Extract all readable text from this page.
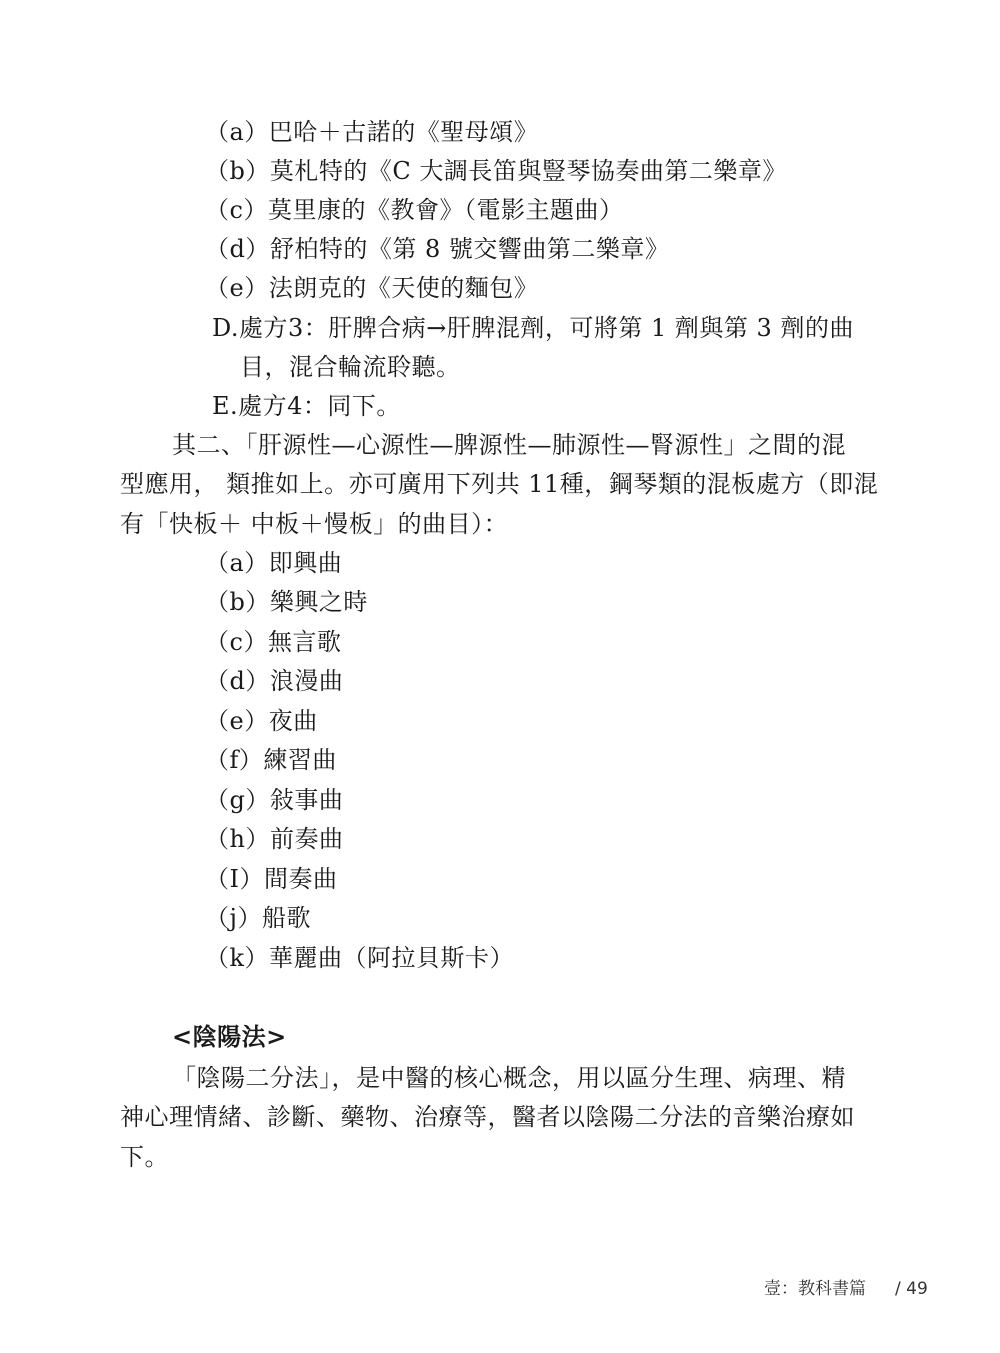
（a）巴哈＋古諾的《聖母頌》
（b）莫札特的《C 大調長笛與豎琴協奏曲第二樂章》
（c）莫里康的《教會》（電影主題曲）
（d）舒柏特的《第 8 號交響曲第二樂章》
（e）法朗克的《天使的麵包》
D.處方3：肝脾合病→肝脾混劑，可將第 1 劑與第 3 劑的曲
目，混合輪流聆聽。
E.處方4：同下。
其二、「肝源性—心源性—脾源性—肺源性—腎源性」之間的混
型應用， 類推如上。亦可廣用下列共 11種，鋼琴類的混板處方（即混
有「快板＋ 中板＋慢板」的曲目）：
（a）即興曲
（b）樂興之時
（c）無言歌
（d）浪漫曲
（e）夜曲
（f）練習曲
（g）敍事曲
（h）前奏曲
（I）間奏曲
（j）船歌
（k）華麗曲（阿拉貝斯卡）
<陰陽法>
「陰陽二分法」，是中醫的核心概念，用以區分生理、病理、精
神心理情緒、診斷、藥物、治療等，醫者以陰陽二分法的音樂治療如
下。
壹：教科書篇 / 49
